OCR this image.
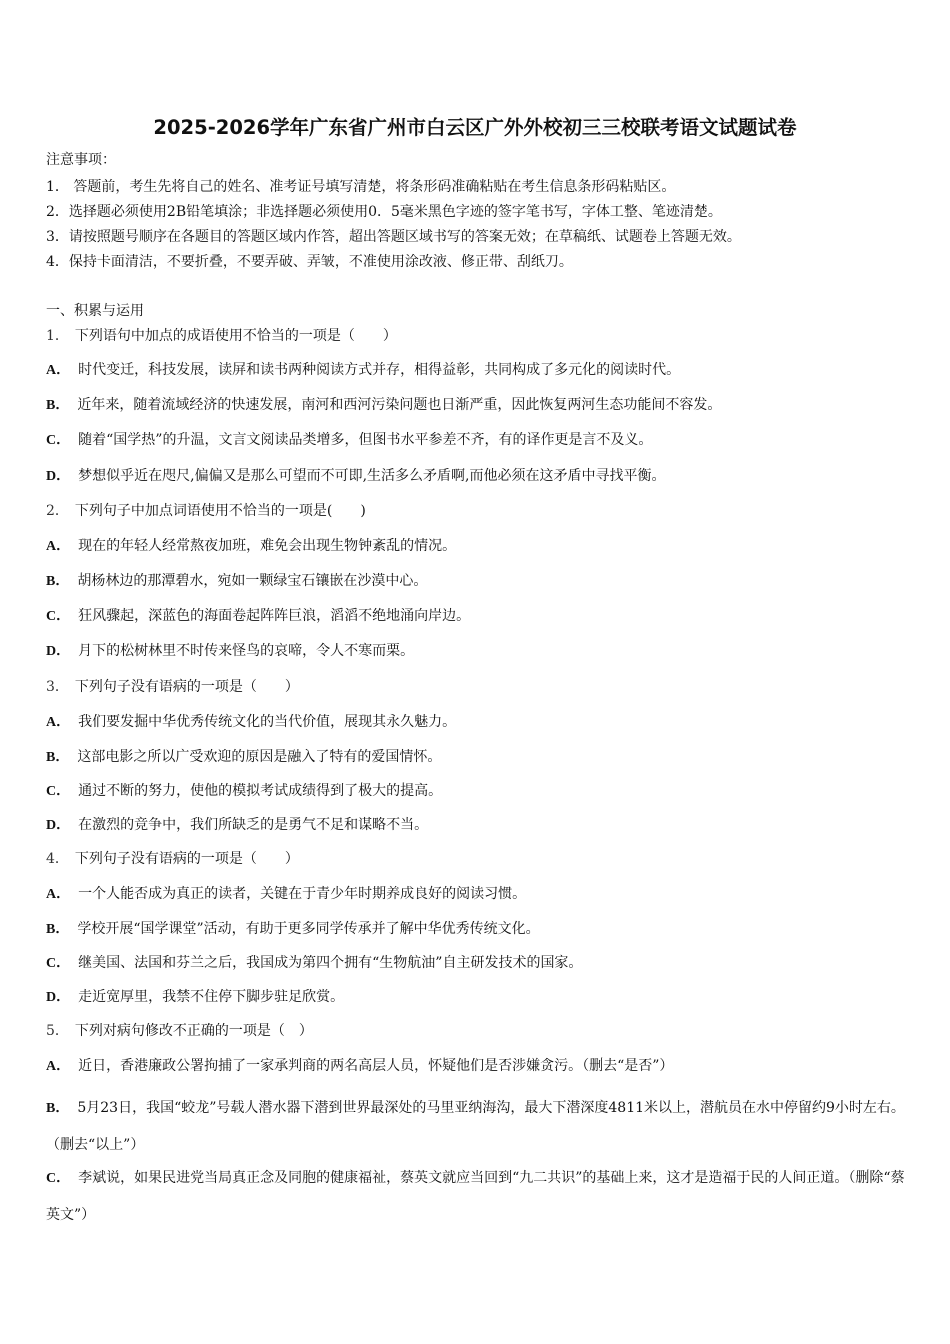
2025-2026学年广东省广州市白云区广外外校初三三校联考语文试题试卷
注意事项：
1． 答题前，考生先将自己的姓名、准考证号填写清楚，将条形码准确粘贴在考生信息条形码粘贴区。
2．选择题必须使用2B铅笔填涂；非选择题必须使用0．5毫米黑色字迹的签字笔书写，字体工整、笔迹清楚。
3．请按照题号顺序在各题目的答题区域内作答，超出答题区域书写的答案无效；在草稿纸、试题卷上答题无效。
4．保持卡面清洁，不要折叠，不要弄破、弄皱，不准使用涂改液、修正带、刮纸刀。
一、积累与运用
1． 下列语句中加点的成语使用不恰当的一项是（　　）
A． 时代变迁，科技发展，读屏和读书两种阅读方式并存，相得益彰，共同构成了多元化的阅读时代。
B． 近年来，随着流域经济的快速发展，南河和西河污染问题也日渐严重，因此恢复两河生态功能间不容发。
C． 随着“国学热”的升温，文言文阅读品类增多，但图书水平参差不齐，有的译作更是言不及义。
D． 梦想似乎近在咫尺,偏偏又是那么可望而不可即,生活多么矛盾啊,而他必须在这矛盾中寻找平衡。
2． 下列句子中加点词语使用不恰当的一项是(　　)
A． 现在的年轻人经常熬夜加班，难免会出现生物钟紊乱的情况。
B． 胡杨林边的那潭碧水，宛如一颗绿宝石镶嵌在沙漠中心。
C． 狂风骤起，深蓝色的海面卷起阵阵巨浪，滔滔不绝地涌向岸边。
D． 月下的松树林里不时传来怪鸟的哀啼，令人不寒而栗。
3． 下列句子没有语病的一项是（　　）
A． 我们要发掘中华优秀传统文化的当代价值，展现其永久魅力。
B． 这部电影之所以广受欢迎的原因是融入了特有的爱国情怀。
C． 通过不断的努力，使他的模拟考试成绩得到了极大的提高。
D． 在激烈的竞争中，我们所缺乏的是勇气不足和谋略不当。
4． 下列句子没有语病的一项是（　　）
A． 一个人能否成为真正的读者，关键在于青少年时期养成良好的阅读习惯。
B． 学校开展“国学课堂”活动，有助于更多同学传承并了解中华优秀传统文化。
C． 继美国、法国和芬兰之后，我国成为第四个拥有“生物航油”自主研发技术的国家。
D． 走近宽厚里，我禁不住停下脚步驻足欣赏。
5． 下列对病句修改不正确的一项是（　）
A． 近日，香港廉政公署拘捕了一家承判商的两名高层人员，怀疑他们是否涉嫌贪污。（删去“是否”）
B． 5月23日，我国“蛟龙”号载人潜水器下潜到世界最深处的马里亚纳海沟，最大下潜深度4811米以上，潜航员在水中停留约9小时左右。（删去“以上”）
C． 李斌说，如果民进党当局真正念及同胞的健康福祉，蔡英文就应当回到“九二共识”的基础上来，这才是造福于民的人间正道。（删除“蔡英文”）
